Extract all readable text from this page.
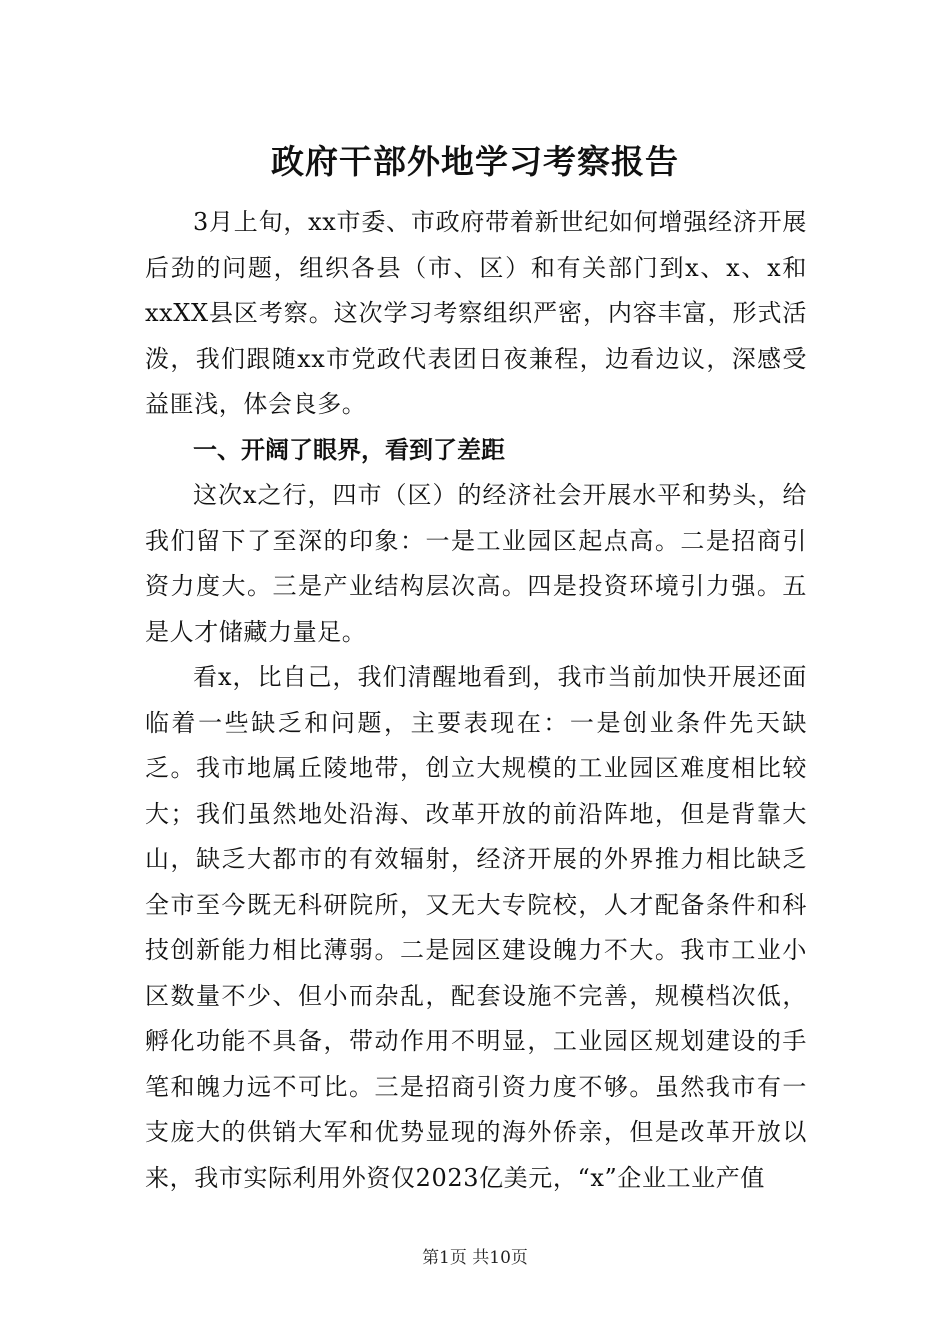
政府干部外地学习考察报告

3月上旬，xx市委、市政府带着新世纪如何增强经济开展后劲的问题，组织各县（市、区）和有关部门到x、x、x和xxXX县区考察。这次学习考察组织严密，内容丰富，形式活泼，我们跟随xx市党政代表团日夜兼程，边看边议，深感受益匪浅，体会良多。

一、开阔了眼界，看到了差距

这次x之行，四市（区）的经济社会开展水平和势头，给我们留下了至深的印象：一是工业园区起点高。二是招商引资力度大。三是产业结构层次高。四是投资环境引力强。五是人才储藏力量足。

看x，比自己，我们清醒地看到，我市当前加快开展还面临着一些缺乏和问题，主要表现在：一是创业条件先天缺乏。我市地属丘陵地带，创立大规模的工业园区难度相比较大；我们虽然地处沿海、改革开放的前沿阵地，但是背靠大山，缺乏大都市的有效辐射，经济开展的外界推力相比缺乏全市至今既无科研院所，又无大专院校，人才配备条件和科技创新能力相比薄弱。二是园区建设魄力不大。我市工业小区数量不少、但小而杂乱，配套设施不完善，规模档次低，孵化功能不具备，带动作用不明显，工业园区规划建设的手笔和魄力远不可比。三是招商引资力度不够。虽然我市有一支庞大的供销大军和优势显现的海外侨亲，但是改革开放以来，我市实际利用外资仅2023亿美元，“x”企业工业产值

第1页 共10页
